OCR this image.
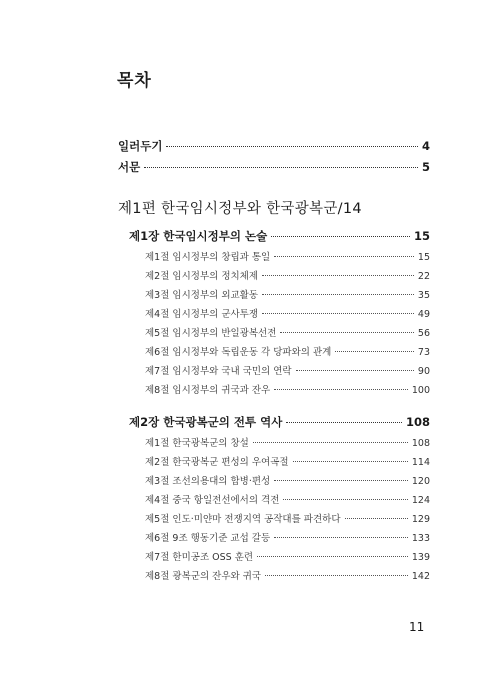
목차
일러두기	4
서문	5
제1편 한국임시정부와 한국광복군/14
제1장 한국임시정부의 논술	15
제1절 임시정부의 창립과 통일	15
제2절 임시정부의 정치체제	22
제3절 임시정부의 외교활동	35
제4절 임시정부의 군사투쟁	49
제5절 임시정부의 반일광복선전	56
제6절 임시정부와 독립운동 각 당파와의 관계	73
제7절 임시정부와 국내 국민의 연락	90
제8절 임시정부의 귀국과 잔우	100
제2장 한국광복군의 전투 역사	108
제1절 한국광복군의 창설	108
제2절 한국광복군 편성의 우여곡절	114
제3절 조선의용대의 합병·편성	120
제4절 중국 항일전선에서의 격전	124
제5절 인도·미얀마 전쟁지역 공작대를 파견하다	129
제6절 9조 행동기준 교섭 갈등	133
제7절 한미공조 OSS 훈련	139
제8절 광복군의 잔우와 귀국	142
11
